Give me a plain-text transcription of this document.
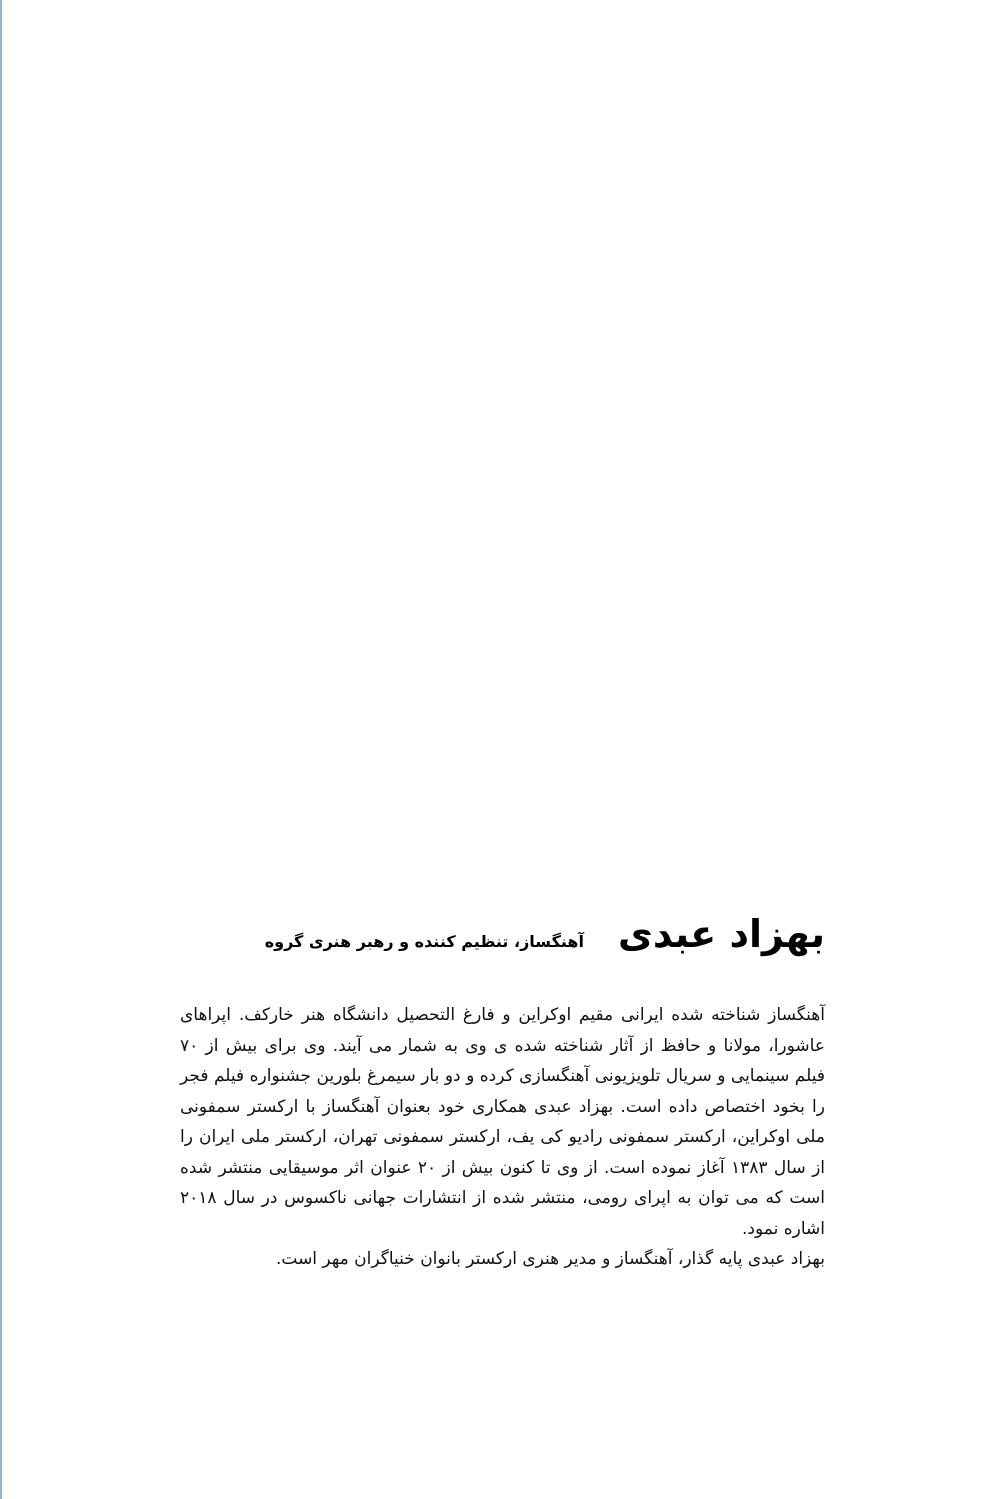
بهزاد عبدی
آهنگساز، تنظیم کننده و رهبر هنری گروه

آهنگساز شناخته شده ایرانی مقیم اوکراین و فارغ التحصیل دانشگاه هنر خارکف. اپراهای عاشورا، مولانا و حافظ از آثار شناخته شده ی وی به شمار می آیند. وی برای بیش از ۷۰ فیلم سینمایی و سریال تلویزیونی آهنگسازی کرده و دو بار سیمرغ بلورین جشنواره فیلم فجر را بخود اختصاص داده است. بهزاد عبدی همکاری خود بعنوان آهنگساز با ارکستر سمفونی ملی اوکراین، ارکستر سمفونی رادیو کی یف، ارکستر سمفونی تهران، ارکستر ملی ایران را از سال ۱۳۸۳ آغاز نموده است. از وی تا کنون بیش از ۲۰ عنوان اثر موسیقایی منتشر شده است که می توان به اپرای رومی، منتشر شده از انتشارات جهانی ناکسوس در سال ۲۰۱۸ اشاره نمود.

بهزاد عبدی پایه گذار، آهنگساز و مدیر هنری ارکستر بانوان خنیاگران مهر است.
